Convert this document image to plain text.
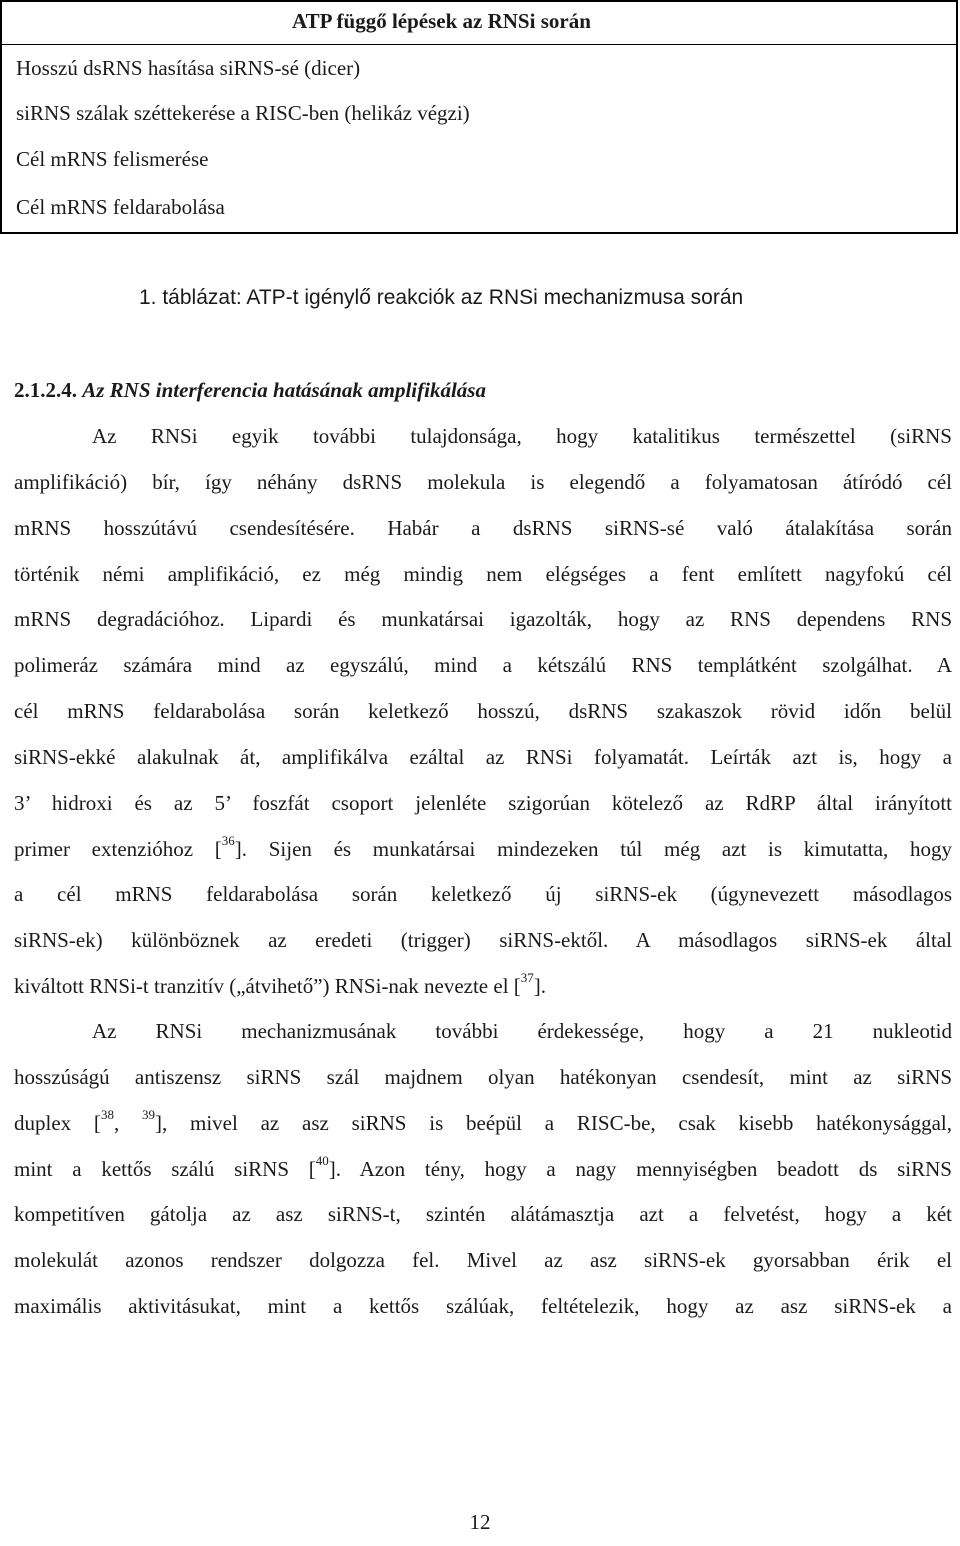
ATP függő lépések az RNSi során
Hosszú dsRNS hasítása siRNS-sé (dicer)
siRNS szálak széttekerése a RISC-ben (helikáz végzi)
Cél mRNS felismerése
Cél mRNS feldarabolása
1. táblázat: ATP-t igénylő reakciók az RNSi mechanizmusa során
2.1.2.4. Az RNS interferencia hatásának amplifikálása
Az RNSi egyik további tulajdonsága, hogy katalitikus természettel (siRNS
amplifikáció) bír, így néhány dsRNS molekula is elegendő a folyamatosan átíródó cél
mRNS hosszútávú csendesítésére. Habár a dsRNS siRNS-sé való átalakítása során
történik némi amplifikáció, ez még mindig nem elégséges a fent említett nagyfokú cél
mRNS degradációhoz. Lipardi és munkatársai igazolták, hogy az RNS dependens RNS
polimeráz számára mind az egyszálú, mind a kétszálú RNS templátként szolgálhat. A
cél mRNS feldarabolása során keletkező hosszú, dsRNS szakaszok rövid időn belül
siRNS-ekké alakulnak át, amplifikálva ezáltal az RNSi folyamatát. Leírták azt is, hogy a
3’ hidroxi és az 5’ foszfát csoport jelenléte szigorúan kötelező az RdRP által irányított
primer extenzióhoz [$^{36}$]. Sijen és munkatársai mindezeken túl még azt is kimutatta, hogy
a cél mRNS feldarabolása során keletkező új siRNS-ek (úgynevezett másodlagos
siRNS-ek) különböznek az eredeti (trigger) siRNS-ektől. A másodlagos siRNS-ek által
kiváltott RNSi-t tranzitív („átvihető”) RNSi-nak nevezte el [$^{37}$].
Az RNSi mechanizmusának további érdekessége, hogy a 21 nukleotid
hosszúságú antiszensz siRNS szál majdnem olyan hatékonyan csendesít, mint az siRNS
duplex [$^{38}$, $^{39}$], mivel az asz siRNS is beépül a RISC-be, csak kisebb hatékonysággal,
mint a kettős szálú siRNS [$^{40}$]. Azon tény, hogy a nagy mennyiségben beadott ds siRNS
kompetitíven gátolja az asz siRNS-t, szintén alátámasztja azt a felvetést, hogy a két
molekulát azonos rendszer dolgozza fel. Mivel az asz siRNS-ek gyorsabban érik el
maximális aktivitásukat, mint a kettős szálúak, feltételezik, hogy az asz siRNS-ek a
12
